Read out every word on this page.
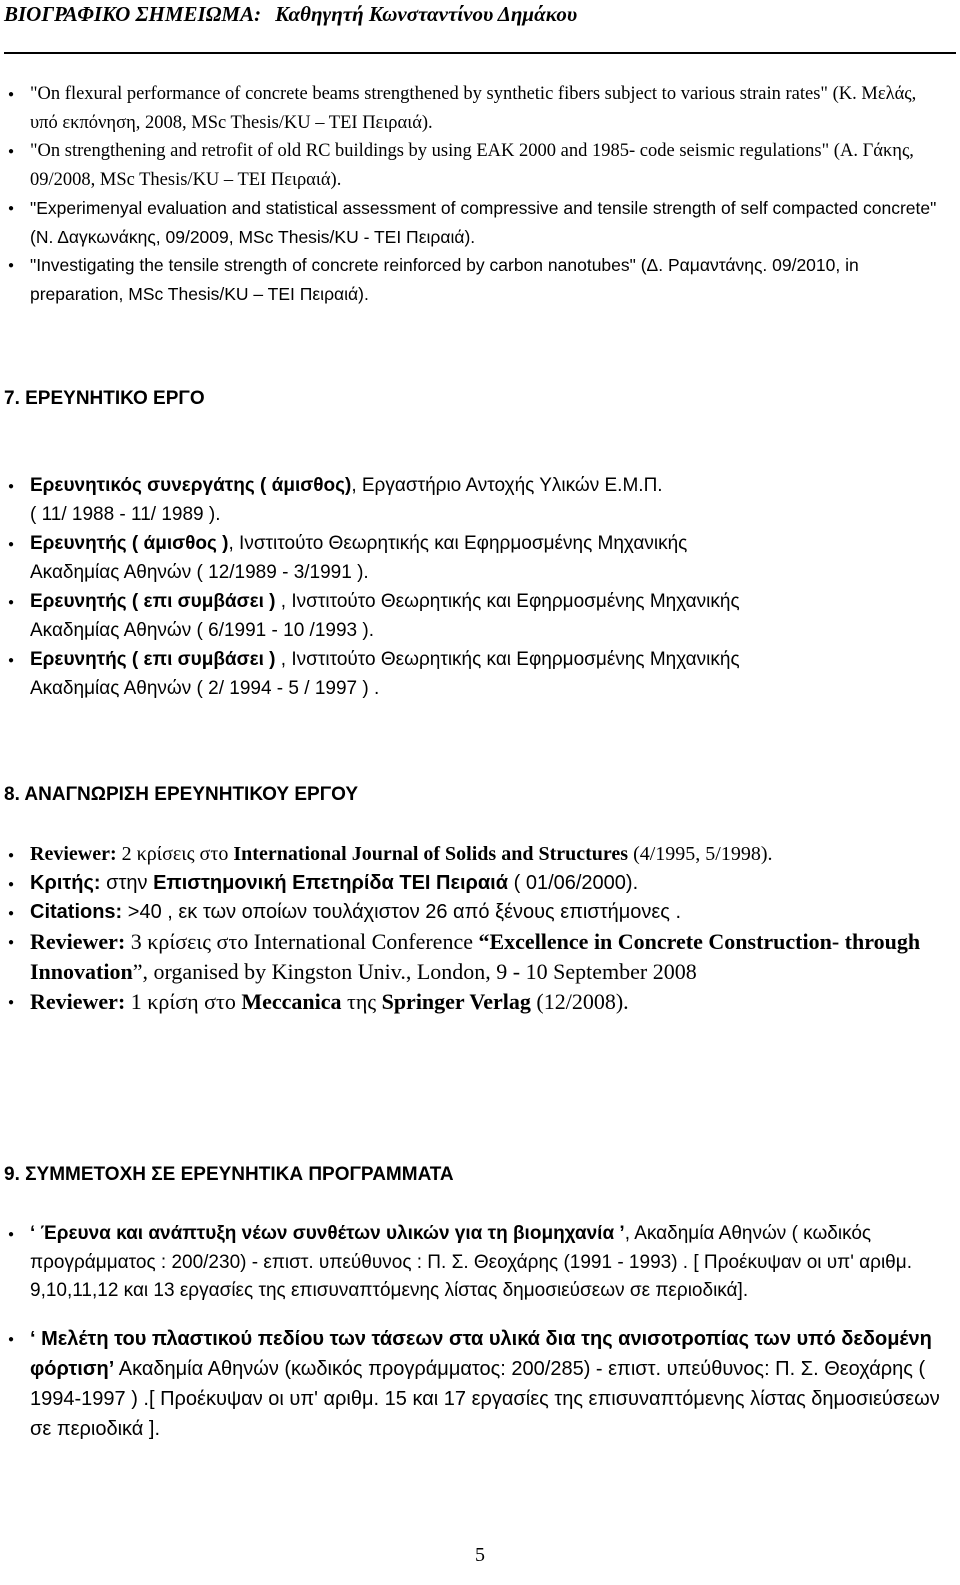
ΒΙΟΓΡΑΦΙΚΟ ΣΗΜΕΙΩΜΑ: Καθηγητή Κωνσταντίνου Δημάκου
● "On flexural performance of concrete beams strengthened by synthetic fibers subject to various strain rates" (Κ. Μελάς, υπό εκπόνηση, 2008, MSc Thesis/KU – TEI Πειραιά).
● "On strengthening and retrofit of old RC buildings by using ΕΑΚ 2000 and 1985- code seismic regulations" (Α. Γάκης, 09/2008, MSc Thesis/KU – TEI Πειραιά).
● "Experimenyal evaluation and statistical assessment of compressive and tensile strength of self compacted concrete" (Ν. Δαγκωνάκης, 09/2009, MSc Thesis/KU - TEI Πειραιά).
● "Investigating the tensile strength of concrete reinforced by carbon nanotubes" (Δ. Ραμαντάνης. 09/2010, in preparation, MSc Thesis/KU – TEI Πειραιά).
7. ΕΡΕΥΝΗΤΙΚΟ ΕΡΓΟ
● Ερευνητικός συνεργάτης ( άμισθος), Εργαστήριο Αντοχής Υλικών Ε.Μ.Π.
( 11/ 1988 - 11/ 1989 ).
● Ερευνητής ( άμισθος ), Ινστιτούτο Θεωρητικής και Εφηρμοσμένης Μηχανικής
Ακαδημίας Αθηνών ( 12/1989 - 3/1991 ).
● Ερευνητής ( επι συμβάσει ) , Ινστιτούτο Θεωρητικής και Εφηρμοσμένης Μηχανικής
Ακαδημίας Αθηνών ( 6/1991 - 10 /1993 ).
● Ερευνητής ( επι συμβάσει ) , Ινστιτούτο Θεωρητικής και Εφηρμοσμένης Μηχανικής
Ακαδημίας Αθηνών ( 2/ 1994 - 5 / 1997 ) .
8. ΑΝΑΓΝΩΡΙΣΗ ΕΡΕΥΝΗΤΙΚΟΥ ΕΡΓΟΥ
● Reviewer: 2 κρίσεις στο International Journal of Solids and Structures (4/1995, 5/1998).
● Κριτής: στην Επιστημονική Επετηρίδα ΤΕΙ Πειραιά ( 01/06/2000).
● Citations: >40 , εκ των οποίων τουλάχιστον 26 από ξένους επιστήμονες .
● Reviewer: 3 κρίσεις στο International Conference “Excellence in Concrete Construction- through Innovation”, organised by Kingston Univ., London, 9 - 10 September 2008
● Reviewer: 1 κρίση στο Meccanica της Springer Verlag (12/2008).
9. ΣΥΜΜΕΤΟΧΗ ΣΕ ΕΡΕΥΝΗΤΙΚΑ ΠΡΟΓΡΑΜΜΑΤΑ
● ‘ Έρευνα και ανάπτυξη νέων συνθέτων υλικών για τη βιομηχανία ’, Ακαδημία Αθηνών ( κωδικός προγράμματος : 200/230) - επιστ. υπεύθυνος : Π. Σ. Θεοχάρης (1991 - 1993) . [ Προέκυψαν οι υπ' αριθμ. 9,10,11,12 και 13 εργασίες της επισυναπτόμενης λίστας δημοσιεύσεων σε περιοδικά].
● ‘ Μελέτη του πλαστικού πεδίου των τάσεων στα υλικά δια της ανισοτροπίας των υπό δεδομένη φόρτιση’ Ακαδημία Αθηνών (κωδικός προγράμματος: 200/285) - επιστ. υπεύθυνος: Π. Σ. Θεοχάρης ( 1994-1997 ) .[ Προέκυψαν οι υπ' αριθμ. 15 και 17 εργασίες της επισυναπτόμενης λίστας δημοσιεύσεων σε περιοδικά ].
5
